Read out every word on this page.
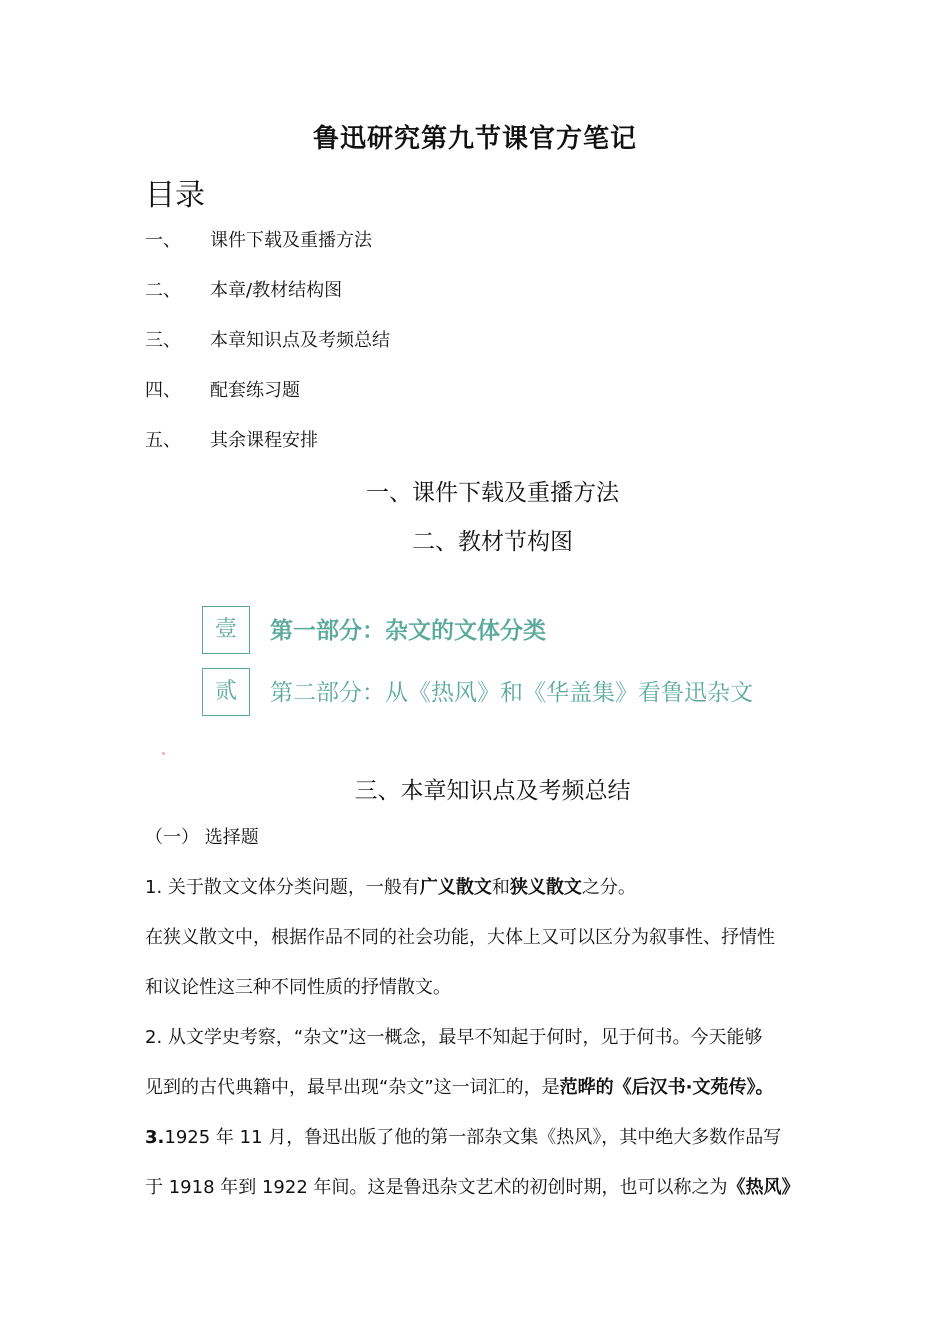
鲁迅研究第九节课官方笔记
目录
一、 课件下载及重播方法
二、 本章/教材结构图
三、 本章知识点及考频总结
四、 配套练习题
五、 其余课程安排
一、课件下载及重播方法
二、教材节构图
壹	第一部分：杂文的文体分类
贰	第二部分：从《热风》和《华盖集》看鲁迅杂文
三、本章知识点及考频总结
（一） 选择题
1. 关于散文文体分类问题，一般有广义散文和狭义散文之分。
在狭义散文中，根据作品不同的社会功能，大体上又可以区分为叙事性、抒情性
和议论性这三种不同性质的抒情散文。
2. 从文学史考察，“杂文”这一概念，最早不知起于何时，见于何书。今天能够
见到的古代典籍中，最早出现“杂文”这一词汇的，是范晔的《后汉书·文苑传》。
3.1925 年 11 月，鲁迅出版了他的第一部杂文集《热风》，其中绝大多数作品写
于 1918 年到 1922 年间。这是鲁迅杂文艺术的初创时期，也可以称之为《热风》
